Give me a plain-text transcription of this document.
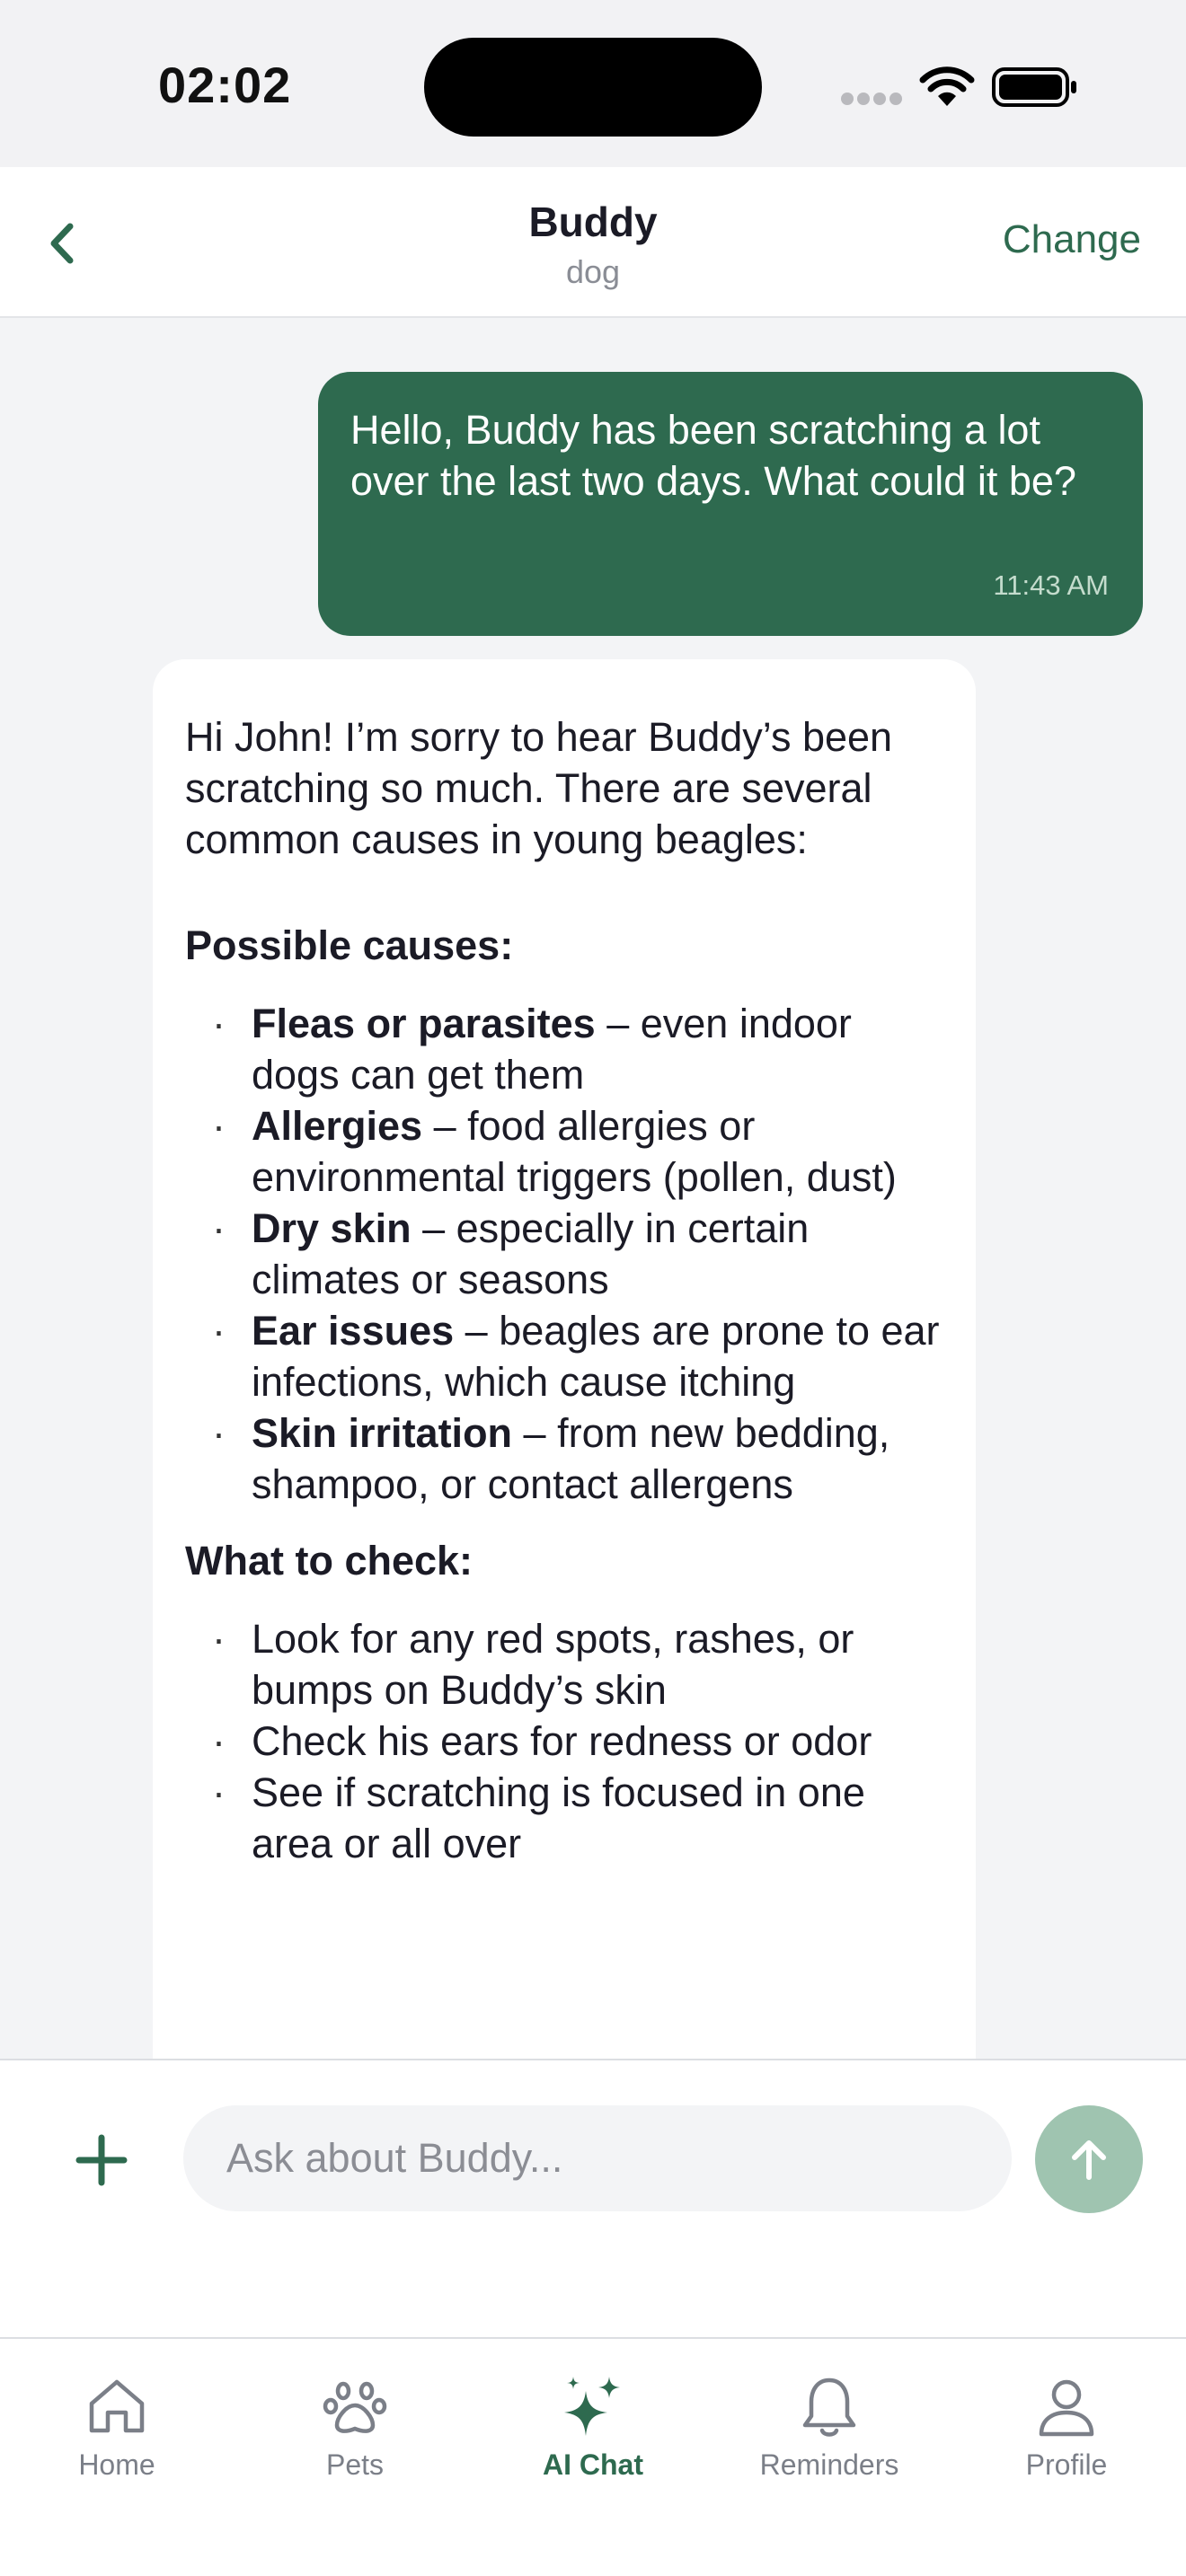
02:02
Buddy
dog
Change
Hello, Buddy has been scratching a lot over the last two days. What could it be?
11:43 AM
Hi John! I’m sorry to hear Buddy’s been scratching so much. There are several common causes in young beagles:
Possible causes:
· Fleas or parasites – even indoor dogs can get them
· Allergies – food allergies or environmental triggers (pollen, dust)
· Dry skin – especially in certain climates or seasons
· Ear issues – beagles are prone to ear infections, which cause itching
· Skin irritation – from new bedding, shampoo, or contact allergens
What to check:
· Look for any red spots, rashes, or bumps on Buddy’s skin
· Check his ears for redness or odor
· See if scratching is focused in one area or all over
Ask about Buddy...
Home	Pets	AI Chat	Reminders	Profile
